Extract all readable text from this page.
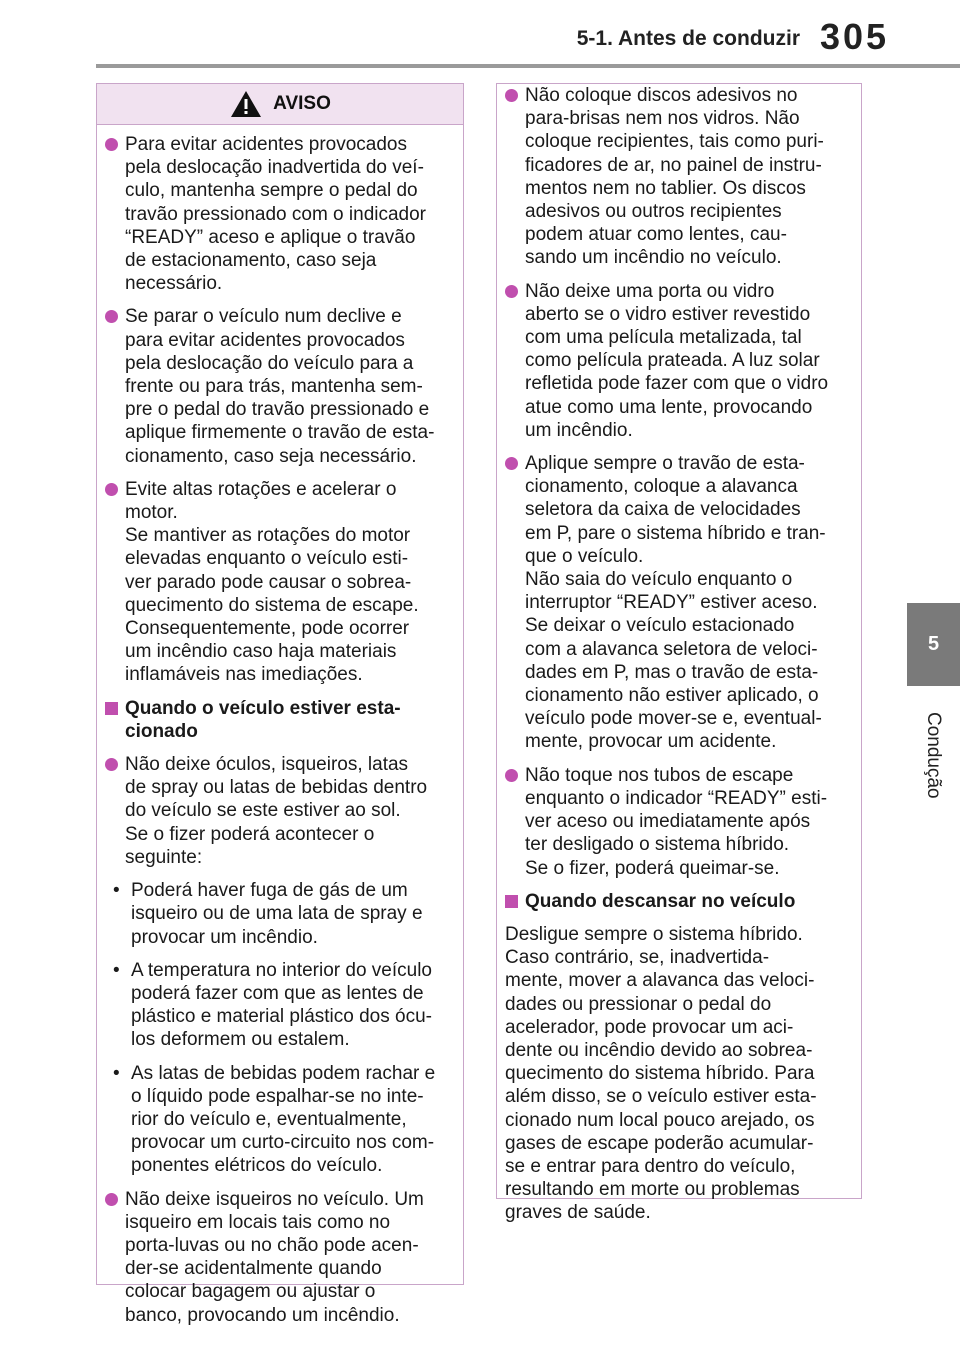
5-1. Antes de conduzir 305
5
Condução
AVISO
Para evitar acidentes provocados
pela deslocação inadvertida do veí-
culo, mantenha sempre o pedal do
travão pressionado com o indicador
“READY” aceso e aplique o travão
de estacionamento, caso seja
necessário.
Se parar o veículo num declive e
para evitar acidentes provocados
pela deslocação do veículo para a
frente ou para trás, mantenha sem-
pre o pedal do travão pressionado e
aplique firmemente o travão de esta-
cionamento, caso seja necessário.
Evite altas rotações e acelerar o
motor.
Se mantiver as rotações do motor
elevadas enquanto o veículo esti-
ver parado pode causar o sobrea-
quecimento do sistema de escape.
Consequentemente, pode ocorrer
um incêndio caso haja materiais
inflamáveis nas imediações.
Quando o veículo estiver esta-
cionado
Não deixe óculos, isqueiros, latas
de spray ou latas de bebidas dentro
do veículo se este estiver ao sol.
Se o fizer poderá acontecer o
seguinte:
• Poderá haver fuga de gás de um
isqueiro ou de uma lata de spray e
provocar um incêndio.
• A temperatura no interior do veículo
poderá fazer com que as lentes de
plástico e material plástico dos ócu-
los deformem ou estalem.
• As latas de bebidas podem rachar e
o líquido pode espalhar-se no inte-
rior do veículo e, eventualmente,
provocar um curto-circuito nos com-
ponentes elétricos do veículo.
Não deixe isqueiros no veículo. Um
isqueiro em locais tais como no
porta-luvas ou no chão pode acen-
der-se acidentalmente quando
colocar bagagem ou ajustar o
banco, provocando um incêndio.
Não coloque discos adesivos no
para-brisas nem nos vidros. Não
coloque recipientes, tais como puri-
ficadores de ar, no painel de instru-
mentos nem no tablier. Os discos
adesivos ou outros recipientes
podem atuar como lentes, cau-
sando um incêndio no veículo.
Não deixe uma porta ou vidro
aberto se o vidro estiver revestido
com uma película metalizada, tal
como película prateada. A luz solar
refletida pode fazer com que o vidro
atue como uma lente, provocando
um incêndio.
Aplique sempre o travão de esta-
cionamento, coloque a alavanca
seletora da caixa de velocidades
em P, pare o sistema híbrido e tran-
que o veículo.
Não saia do veículo enquanto o
interruptor “READY” estiver aceso.
Se deixar o veículo estacionado
com a alavanca seletora de veloci-
dades em P, mas o travão de esta-
cionamento não estiver aplicado, o
veículo pode mover-se e, eventual-
mente, provocar um acidente.
Não toque nos tubos de escape
enquanto o indicador “READY” esti-
ver aceso ou imediatamente após
ter desligado o sistema híbrido.
Se o fizer, poderá queimar-se.
Quando descansar no veículo
Desligue sempre o sistema híbrido.
Caso contrário, se, inadvertida-
mente, mover a alavanca das veloci-
dades ou pressionar o pedal do
acelerador, pode provocar um aci-
dente ou incêndio devido ao sobrea-
quecimento do sistema híbrido. Para
além disso, se o veículo estiver esta-
cionado num local pouco arejado, os
gases de escape poderão acumular-
se e entrar para dentro do veículo,
resultando em morte ou problemas
graves de saúde.
